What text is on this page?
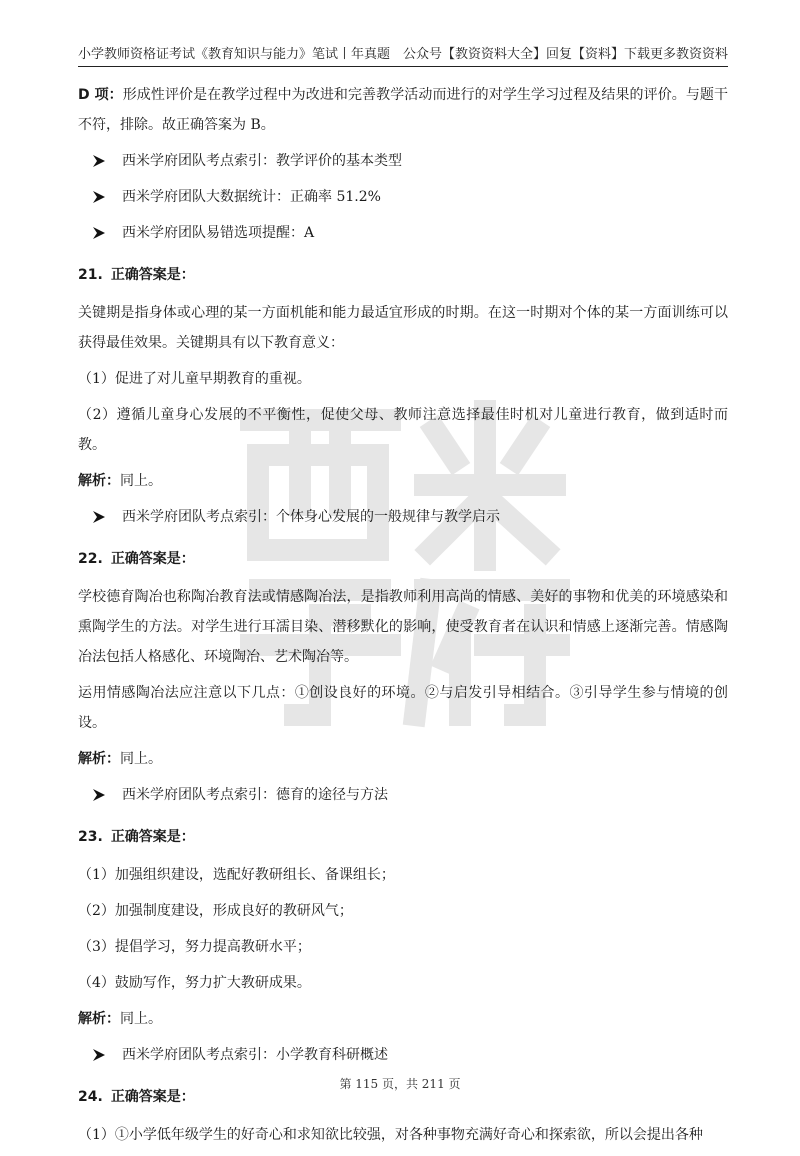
小学教师资格证考试《教育知识与能力》笔试丨年真题 公众号【教资资料大全】回复【资料】下载更多教资资料

D 项：形成性评价是在教学过程中为改进和完善教学活动而进行的对学生学习过程及结果的评价。与题干不符，排除。故正确答案为 B。

西米学府团队考点索引：教学评价的基本类型
西米学府团队大数据统计：正确率 51.2%
西米学府团队易错选项提醒：A
21. 正确答案是：

关键期是指身体或心理的某一方面机能和能力最适宜形成的时期。在这一时期对个体的某一方面训练可以获得最佳效果。关键期具有以下教育意义：

（1）促进了对儿童早期教育的重视。

（2）遵循儿童身心发展的不平衡性，促使父母、教师注意选择最佳时机对儿童进行教育，做到适时而教。

解析：同上。

西米学府团队考点索引：个体身心发展的一般规律与教学启示
22. 正确答案是：

学校德育陶冶也称陶冶教育法或情感陶冶法，是指教师利用高尚的情感、美好的事物和优美的环境感染和熏陶学生的方法。对学生进行耳濡目染、潜移默化的影响，使受教育者在认识和情感上逐渐完善。情感陶冶法包括人格感化、环境陶冶、艺术陶冶等。

运用情感陶冶法应注意以下几点：①创设良好的环境。②与启发引导相结合。③引导学生参与情境的创设。

解析：同上。

西米学府团队考点索引：德育的途径与方法
23. 正确答案是：

（1）加强组织建设，选配好教研组长、备课组长；

（2）加强制度建设，形成良好的教研风气；

（3）提倡学习，努力提高教研水平；

（4）鼓励写作，努力扩大教研成果。

解析：同上。

西米学府团队考点索引：小学教育科研概述
24. 正确答案是：

（1）①小学低年级学生的好奇心和求知欲比较强，对各种事物充满好奇心和探索欲，所以会提出各种

第 115 页，共 211 页
